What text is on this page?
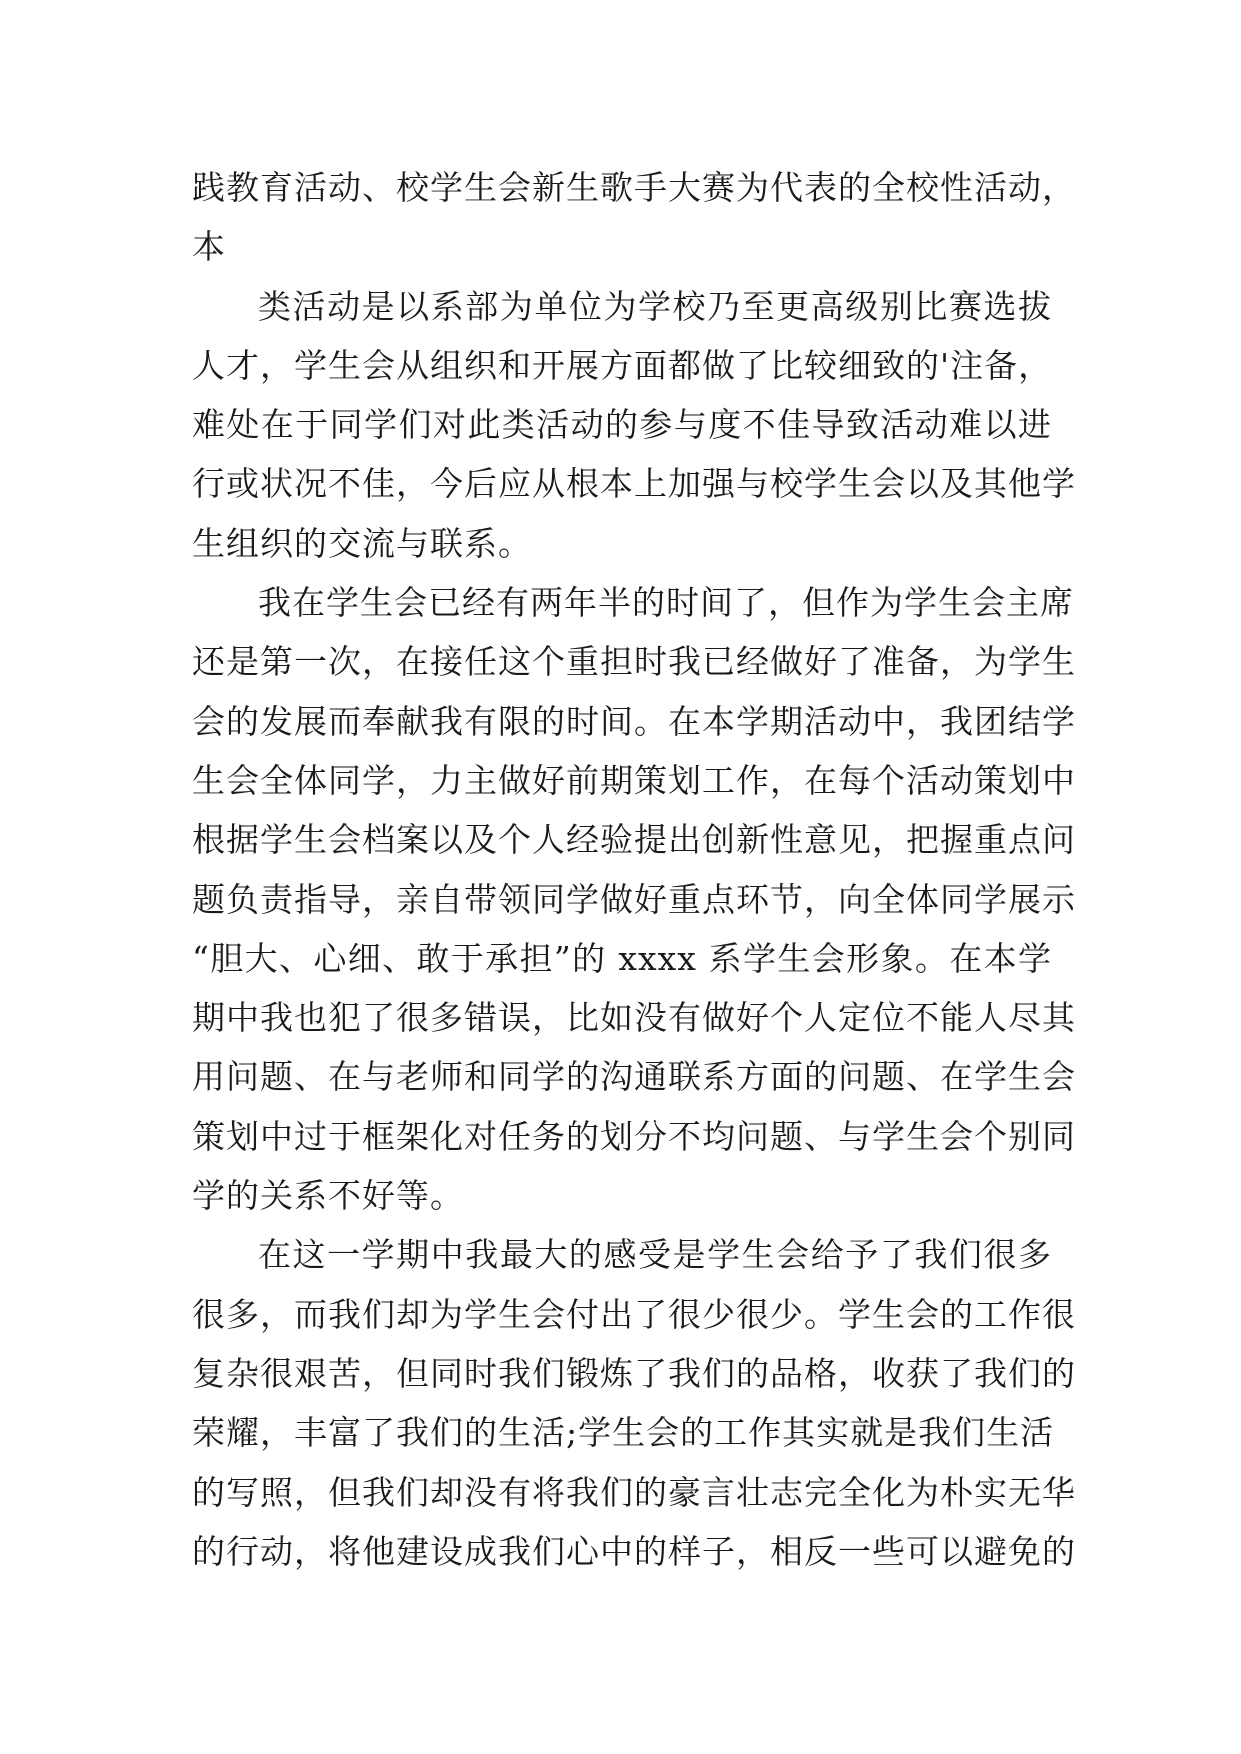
践教育活动、校学生会新生歌手大赛为代表的全校性活动，
本
类活动是以系部为单位为学校乃至更高级别比赛选拔
人才，学生会从组织和开展方面都做了比较细致的'注备，
难处在于同学们对此类活动的参与度不佳导致活动难以进
行或状况不佳，今后应从根本上加强与校学生会以及其他学
生组织的交流与联系。
我在学生会已经有两年半的时间了，但作为学生会主席
还是第一次，在接任这个重担时我已经做好了准备，为学生
会的发展而奉献我有限的时间。在本学期活动中，我团结学
生会全体同学，力主做好前期策划工作，在每个活动策划中
根据学生会档案以及个人经验提出创新性意见，把握重点问
题负责指导，亲自带领同学做好重点环节，向全体同学展示
“胆大、心细、敢于承担”的 xxxx 系学生会形象。在本学
期中我也犯了很多错误，比如没有做好个人定位不能人尽其
用问题、在与老师和同学的沟通联系方面的问题、在学生会
策划中过于框架化对任务的划分不均问题、与学生会个别同
学的关系不好等。
在这一学期中我最大的感受是学生会给予了我们很多
很多，而我们却为学生会付出了很少很少。学生会的工作很
复杂很艰苦，但同时我们锻炼了我们的品格，收获了我们的
荣耀，丰富了我们的生活;学生会的工作其实就是我们生活
的写照，但我们却没有将我们的豪言壮志完全化为朴实无华
的行动，将他建设成我们心中的样子，相反一些可以避免的
